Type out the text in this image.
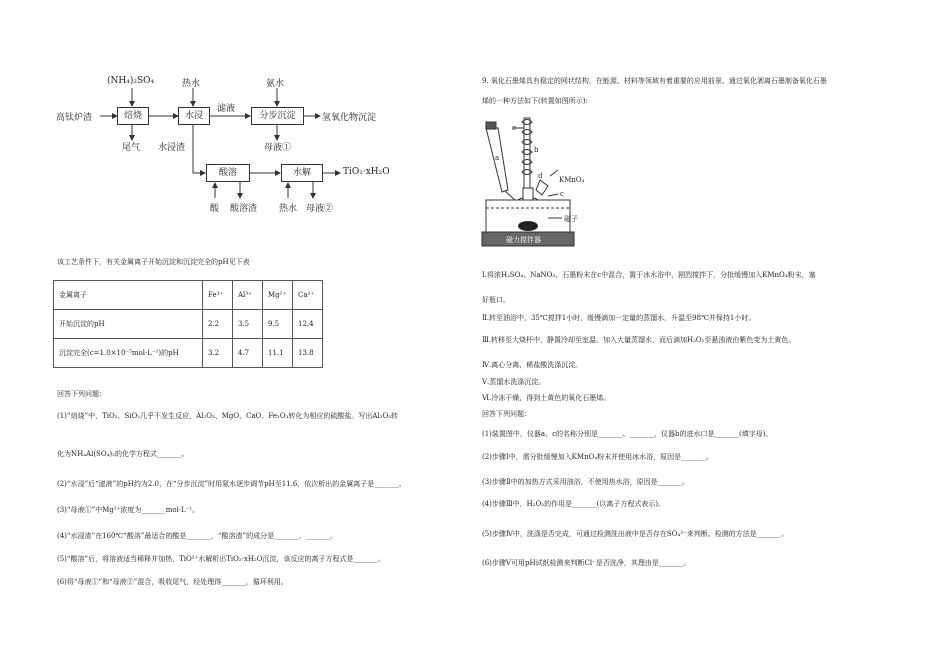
(NH₄)₂SO₄	热水	氨水
高钛炉渣	焙烧	水浸
滤液
分步沉淀	氢氧化物沉淀
尾气 水浸渣	母液①
酸溶	水解	TiO₂·xH₂O
酸 酸溶渣 热水 母液②
该工艺条件下，有关金属离子开始沉淀和沉淀完全的pH见下表
金属离子	Fe³⁺	Al³⁺	Mg²⁺	Ca²⁺
开始沉淀的pH	2.2	3.5	9.5	12.4
沉淀完全(c=1.0×10⁻⁵mol·L⁻¹)的pH	3.2	4.7	11.1	13.8
回答下列问题：
(1)“焙烧”中，TiO₂、SiO₂几乎不发生反应，Al₂O₃、MgO、CaO、Fe₂O₃转化为相应的硫酸盐。写出Al₂O₃转
化为NH₄Al(SO₄)₂的化学方程式_______。
(2)“水浸”后“滤液”的pH约为2.0，在“分步沉淀”时用氨水逐步调节pH至11.6，依次析出的金属离子是_______。
(3)“母液①”中Mg²⁺浓度为_______mol·L⁻¹。
(4)“水浸渣”在160℃“酸溶”最适合的酸是_______，“酸溶渣”的成分是_______、_______。
(5)“酸溶”后，将溶液适当稀释并加热，TiO²⁺水解析出TiO₂·xH₂O沉淀，该反应的离子方程式是_______。
(6)将“母液①”和“母液②”混合，吸收尾气，经处理得_______，循环利用。
9. 氧化石墨烯具有稳定的网状结构，在能源、材料等领域有着重要的应用前景。通过氧化剥离石墨制备氧化石墨
烯的一种方法如下(转置如图所示):
e
b
a
d KMnO₄
c
磁子
磁力搅拌器
Ⅰ.将浓H₂SO₄、NaNO₃、石墨粉末在c中混合，置于冰水浴中，剧烈搅拌下，分批缓慢加入KMnO₄粉末，塞
好瓶口。
Ⅱ.转至油浴中，35℃搅拌1小时，缓慢滴加一定量的蒸馏水，升温至98℃并保持1小时。
Ⅲ.转移至大烧杯中，静置冷却至室温。加入大量蒸馏水，而后滴加H₂O₂至悬浊液由紫色变为土黄色。
Ⅳ.离心分离，稀盐酸洗涤沉淀。
Ⅴ.蒸馏水洗涤沉淀。
Ⅵ.冷冻干燥，得到土黄色的氧化石墨烯。
回答下列问题：
(1)装置图中，仪器a、c的名称分别是_______、_______，仪器b的进水口是_______(填字母)。
(2)步骤Ⅰ中，需分批缓慢加入KMnO₄粉末并使用冰水浴，原因是_______。
(3)步骤Ⅱ中的加热方式采用油浴，不使用热水浴，原因是_______。
(4)步骤Ⅲ中，H₂O₂的作用是_______(以离子方程式表示)。
(5)步骤Ⅳ中，洗涤是否完成，可通过检测洗出液中是否存在SO₄²⁻来判断。检测的方法是_______。
(6)步骤Ⅴ可用pH试纸检测来判断Cl⁻是否洗净，其理由是_______。
